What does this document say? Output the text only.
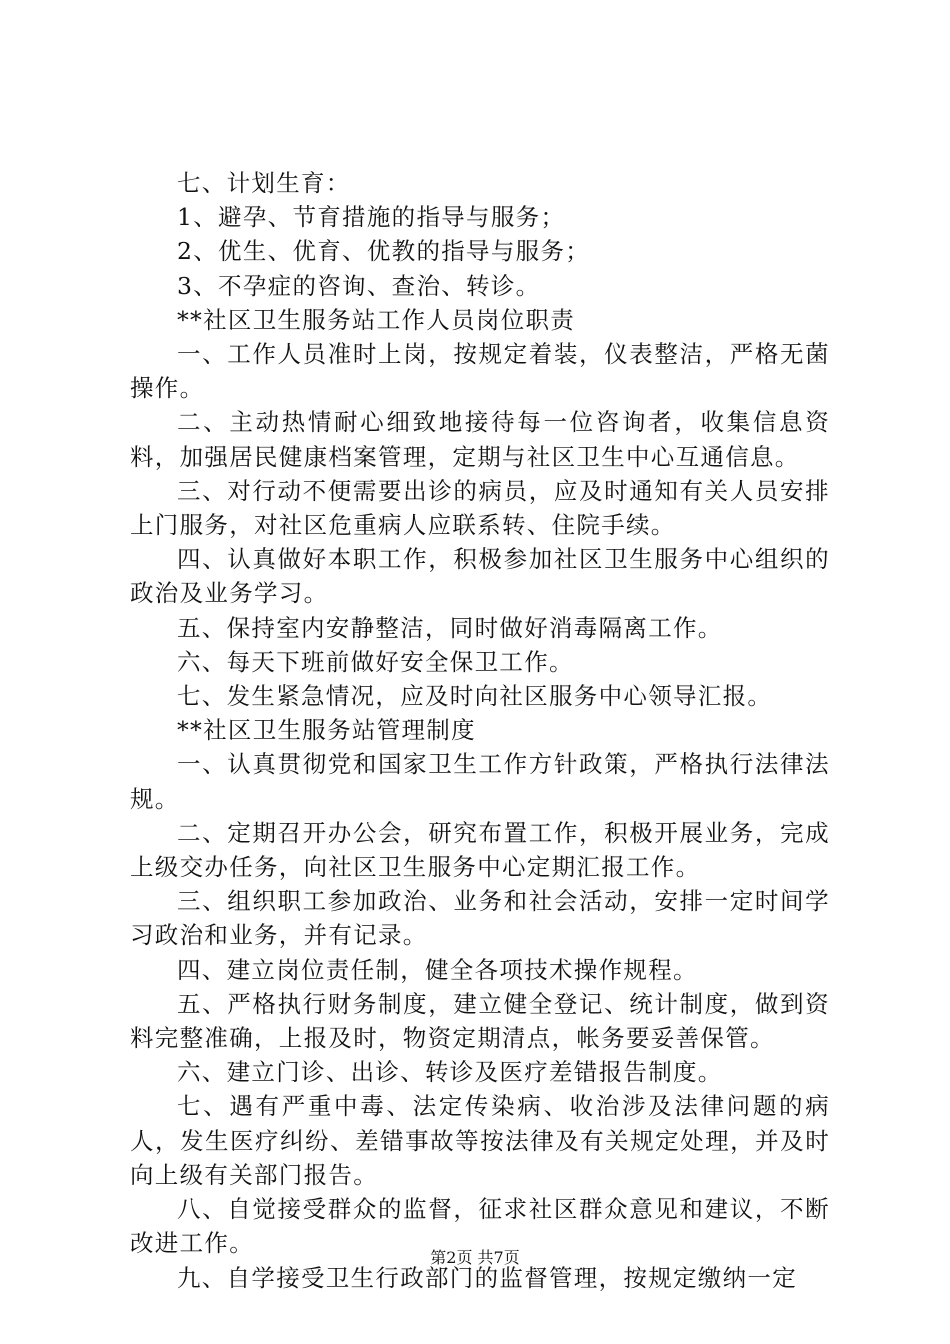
七、计划生育：

1、避孕、节育措施的指导与服务；

2、优生、优育、优教的指导与服务；

3、不孕症的咨询、查治、转诊。

**社区卫生服务站工作人员岗位职责

一、工作人员准时上岗，按规定着装，仪表整洁，严格无菌操作。

二、主动热情耐心细致地接待每一位咨询者，收集信息资料，加强居民健康档案管理，定期与社区卫生中心互通信息。

三、对行动不便需要出诊的病员，应及时通知有关人员安排上门服务，对社区危重病人应联系转、住院手续。

四、认真做好本职工作，积极参加社区卫生服务中心组织的政治及业务学习。

五、保持室内安静整洁，同时做好消毒隔离工作。

六、每天下班前做好安全保卫工作。

七、发生紧急情况，应及时向社区服务中心领导汇报。

**社区卫生服务站管理制度

一、认真贯彻党和国家卫生工作方针政策，严格执行法律法规。

二、定期召开办公会，研究布置工作，积极开展业务，完成上级交办任务，向社区卫生服务中心定期汇报工作。

三、组织职工参加政治、业务和社会活动，安排一定时间学习政治和业务，并有记录。

四、建立岗位责任制，健全各项技术操作规程。

五、严格执行财务制度，建立健全登记、统计制度，做到资料完整准确，上报及时，物资定期清点，帐务要妥善保管。

六、建立门诊、出诊、转诊及医疗差错报告制度。

七、遇有严重中毒、法定传染病、收治涉及法律问题的病人，发生医疗纠纷、差错事故等按法律及有关规定处理，并及时向上级有关部门报告。

八、自觉接受群众的监督，征求社区群众意见和建议，不断改进工作。

九、自学接受卫生行政部门的监督管理，按规定缴纳一定

第2页 共7页
